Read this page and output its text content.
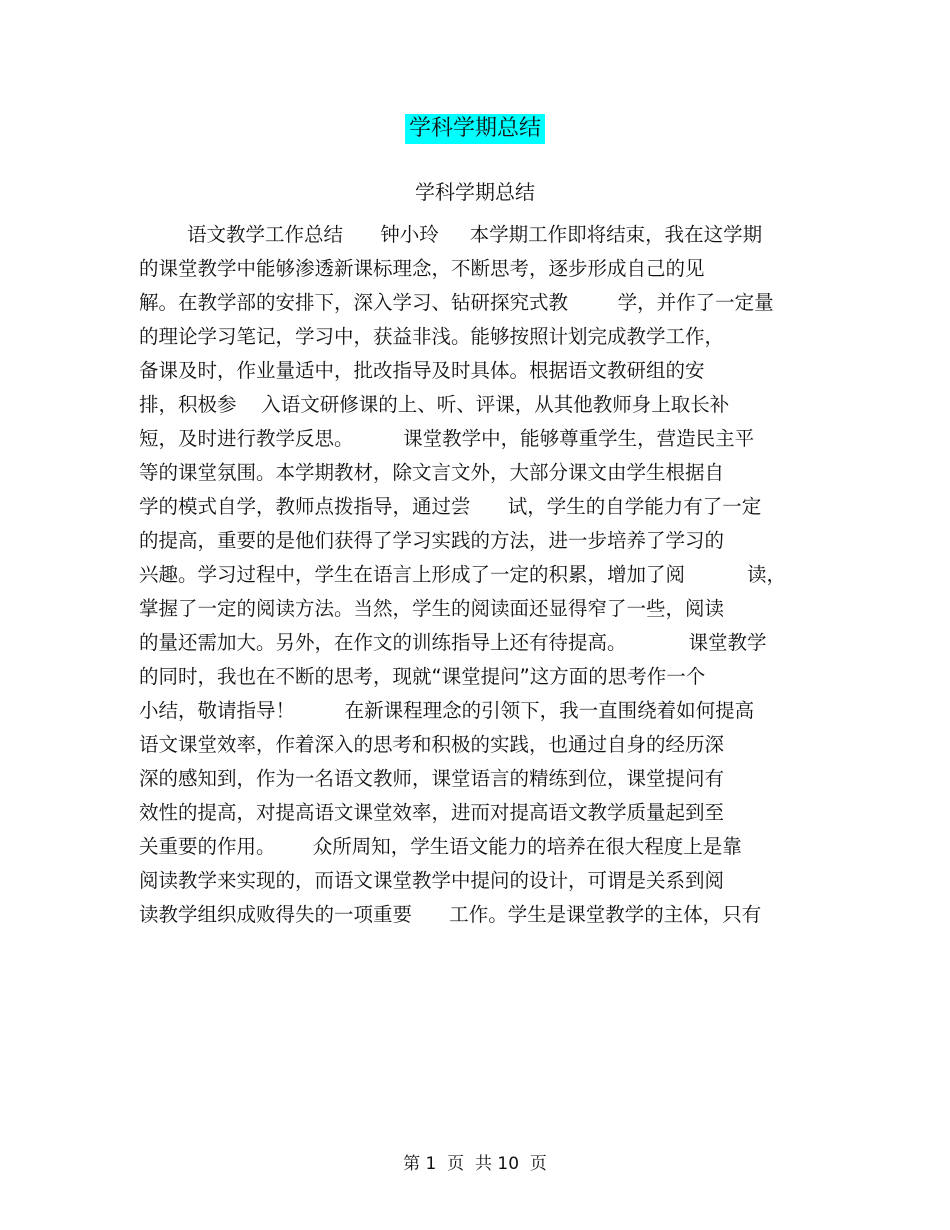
学科学期总结
学科学期总结
语文教学工作总结      钟小玲     本学期工作即将结束，我在这学期
的课堂教学中能够渗透新课标理念，不断思考，逐步形成自己的见
解。在教学部的安排下，深入学习、钻研探究式教        学，并作了一定量
的理论学习笔记，学习中，获益非浅。能够按照计划完成教学工作，
备课及时，作业量适中，批改指导及时具体。根据语文教研组的安
排，积极参    入语文研修课的上、听、评课，从其他教师身上取长补
短，及时进行教学反思。        课堂教学中，能够尊重学生，营造民主平
等的课堂氛围。本学期教材，除文言文外，大部分课文由学生根据自
学的模式自学，教师点拨指导，通过尝      试，学生的自学能力有了一定
的提高，重要的是他们获得了学习实践的方法，进一步培养了学习的
兴趣。学习过程中，学生在语言上形成了一定的积累，增加了阅          读，
掌握了一定的阅读方法。当然，学生的阅读面还显得窄了一些，阅读
的量还需加大。另外，在作文的训练指导上还有待提高。          课堂教学
的同时，我也在不断的思考，现就“课堂提问”这方面的思考作一个
小结，敬请指导！        在新课程理念的引领下，我一直围绕着如何提高
语文课堂效率，作着深入的思考和积极的实践，也通过自身的经历深
深的感知到，作为一名语文教师，课堂语言的精练到位，课堂提问有
效性的提高，对提高语文课堂效率，进而对提高语文教学质量起到至
关重要的作用。      众所周知，学生语文能力的培养在很大程度上是靠
阅读教学来实现的，而语文课堂教学中提问的设计，可谓是关系到阅
读教学组织成败得失的一项重要      工作。学生是课堂教学的主体，只有
第 1  页  共 10  页
